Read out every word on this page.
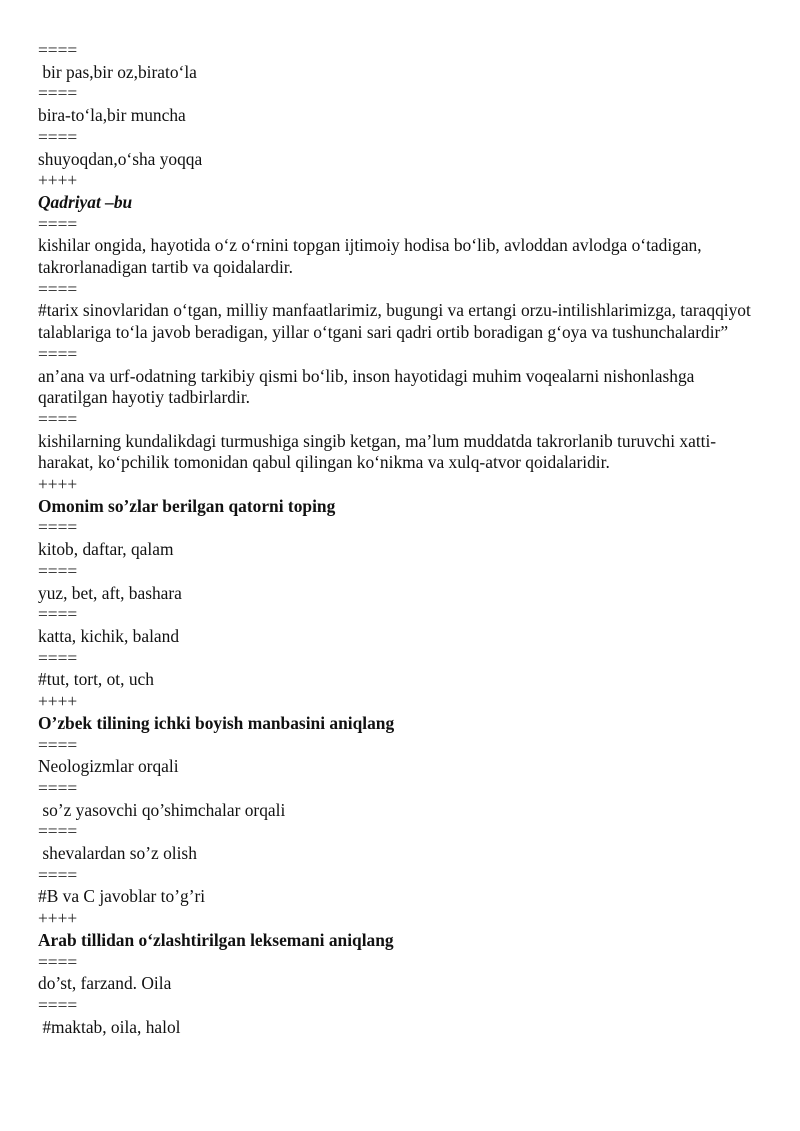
====

bir pas,bir oz,birato‘la

====

bira-to‘la,bir muncha

====

shuyoqdan,o‘sha yoqqa

++++

Qadriyat –bu

====

kishilar ongida, hayotida o‘z o‘rnini topgan ijtimoiy hodisa bo‘lib, avloddan avlodga o‘tadigan, takrorlanadigan tartib va qoidalardir.

====

#tarix sinovlaridan o‘tgan, milliy manfaatlarimiz, bugungi va ertangi orzu-intilishlarimizga, taraqqiyot talablariga to‘la javob beradigan, yillar o‘tgani sari qadri ortib boradigan g‘oya va tushunchalardir”

====

an’ana va urf-odatning tarkibiy qismi bo‘lib, inson hayotidagi muhim voqealarni nishonlashga qaratilgan hayotiy tadbirlardir.

====

kishilarning kundalikdagi turmushiga singib ketgan, ma’lum muddatda takrorlanib turuvchi xatti-harakat, ko‘pchilik tomonidan qabul qilingan ko‘nikma va xulq-atvor qoidalaridir.

++++

Omonim so’zlar berilgan qatorni toping

====

kitob, daftar, qalam

====

yuz, bet, aft, bashara

====

katta, kichik, baland

====

#tut, tort, ot, uch

++++

O’zbek tilining ichki boyish manbasini aniqlang

====

Neologizmlar orqali

====

so’z yasovchi qo’shimchalar orqali

====

shevalardan so’z olish

====

#B va C javoblar to’g’ri

++++

Arab tillidan o‘zlashtirilgan leksemani aniqlang

====

do’st, farzand. Oila

====

#maktab, oila, halol
